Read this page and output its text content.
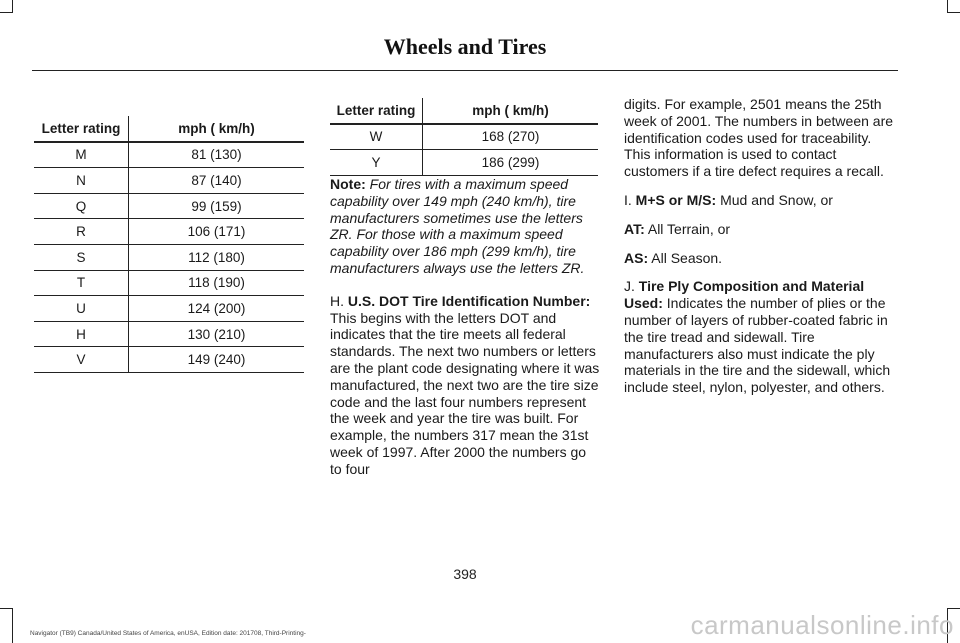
Wheels and Tires
Letter rating	mph ( km/h)
M	81 (130)
N	87 (140)
Q	99 (159)
R	106 (171)
S	112 (180)
T	118 (190)
U	124 (200)
H	130 (210)
V	149 (240)
Letter rating	mph ( km/h)
W	168 (270)
Y	186 (299)

Note: For tires with a maximum speed capability over 149 mph (240 km/h), tire manufacturers sometimes use the letters ZR. For those with a maximum speed capability over 186 mph (299 km/h), tire manufacturers always use the letters ZR.

H. U.S. DOT Tire Identification Number: This begins with the letters DOT and indicates that the tire meets all federal standards. The next two numbers or letters are the plant code designating where it was manufactured, the next two are the tire size code and the last four numbers represent the week and year the tire was built. For example, the numbers 317 mean the 31st week of 1997. After 2000 the numbers go to four

digits. For example, 2501 means the 25th week of 2001. The numbers in between are identification codes used for traceability. This information is used to contact customers if a tire defect requires a recall.

I. M+S or M/S: Mud and Snow, or

AT: All Terrain, or

AS: All Season.

J. Tire Ply Composition and Material Used: Indicates the number of plies or the number of layers of rubber-coated fabric in the tire tread and sidewall. Tire manufacturers also must indicate the ply materials in the tire and the sidewall, which include steel, nylon, polyester, and others.

398
Navigator (TB9) Canada/United States of America, enUSA, Edition date: 201708, Third-Printing-	carmanualsonline.info
